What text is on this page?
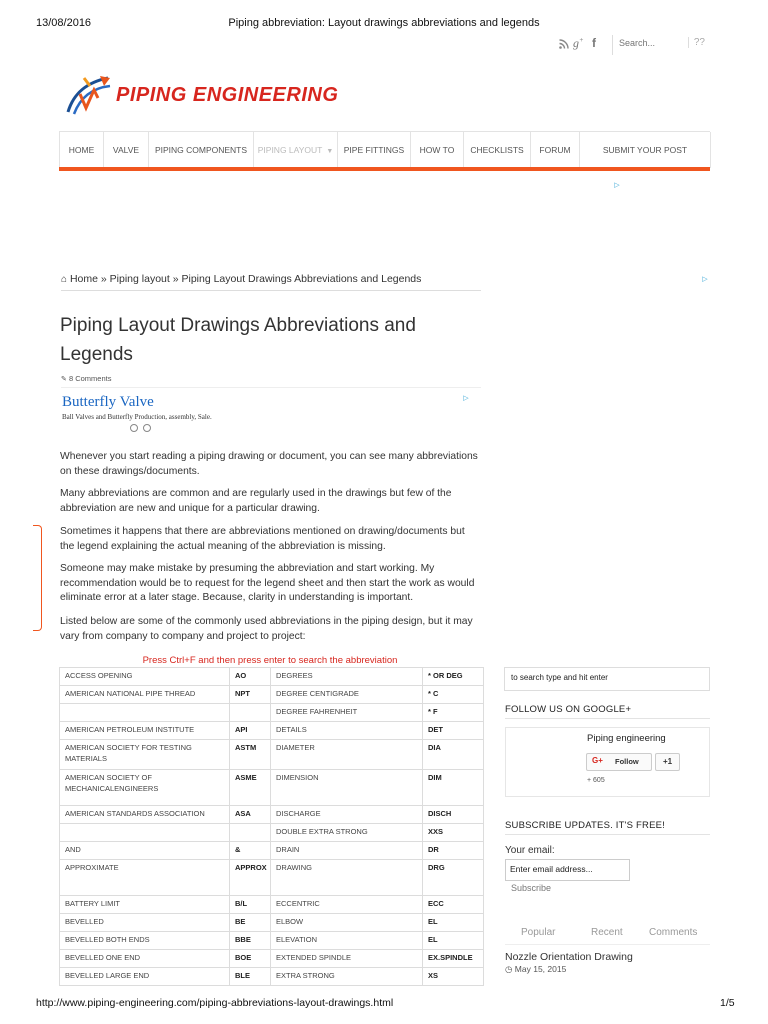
13/08/2016	Piping abbreviation: Layout drawings abbreviations and legends
g+ f
Search...	??
PIPING ENGINEERING
HOME	VALVE	PIPING COMPONENTS	PIPING LAYOUT ▼	PIPE FITTINGS	HOW TO	CHECKLISTS	FORUM	SUBMIT YOUR POST
▷
▷
⌂ Home » Piping layout » Piping Layout Drawings Abbreviations and Legends
Piping Layout Drawings Abbreviations and Legends
✎ 8 Comments
Butterfly Valve	▷
Ball Valves and Butterfly Production, assembly, Sale.
Whenever you start reading a piping drawing or document, you can see many abbreviations on these drawings/documents.
Many abbreviations are common and are regularly used in the drawings but few of the abbreviation are new and unique for a particular drawing.
Sometimes it happens that there are abbreviations mentioned on drawing/documents but the legend explaining the actual meaning of the abbreviation is missing.
Someone may make mistake by presuming the abbreviation and start working. My recommendation would be to request for the legend sheet and then start the work as would eliminate error at a later stage. Because, clarity in understanding is important.
Listed below are some of the commonly used abbreviations in the piping design, but it may vary from company to company and project to project:
Press Ctrl+F and then press enter to search the abbreviation
ACCESS OPENING	AO	DEGREES	* OR DEG
AMERICAN NATIONAL PIPE THREAD	NPT	DEGREE CENTIGRADE	* C
		DEGREE FAHRENHEIT	* F
AMERICAN PETROLEUM INSTITUTE	API	DETAILS	DET
AMERICAN SOCIETY FOR TESTING MATERIALS	ASTM	DIAMETER	DIA
AMERICAN SOCIETY OF MECHANICALENGINEERS	ASME	DIMENSION	DIM
AMERICAN STANDARDS ASSOCIATION	ASA	DISCHARGE	DISCH
		DOUBLE EXTRA STRONG	XXS
AND	&	DRAIN	DR
APPROXIMATE	APPROX	DRAWING	DRG
BATTERY LIMIT	B/L	ECCENTRIC	ECC
BEVELLED	BE	ELBOW	EL
BEVELLED BOTH ENDS	BBE	ELEVATION	EL
BEVELLED ONE END	BOE	EXTENDED SPINDLE	EX.SPINDLE
BEVELLED LARGE END	BLE	EXTRA STRONG	XS
to search type and hit enter
FOLLOW US ON GOOGLE+
Piping engineering
G+ Follow	+1
+ 605
SUBSCRIBE UPDATES. IT'S FREE!
Your email:
Enter email address...
Subscribe
Popular	Recent	Comments
Nozzle Orientation Drawing
◷ May 15, 2015
http://www.piping-engineering.com/piping-abbreviations-layout-drawings.html	1/5
